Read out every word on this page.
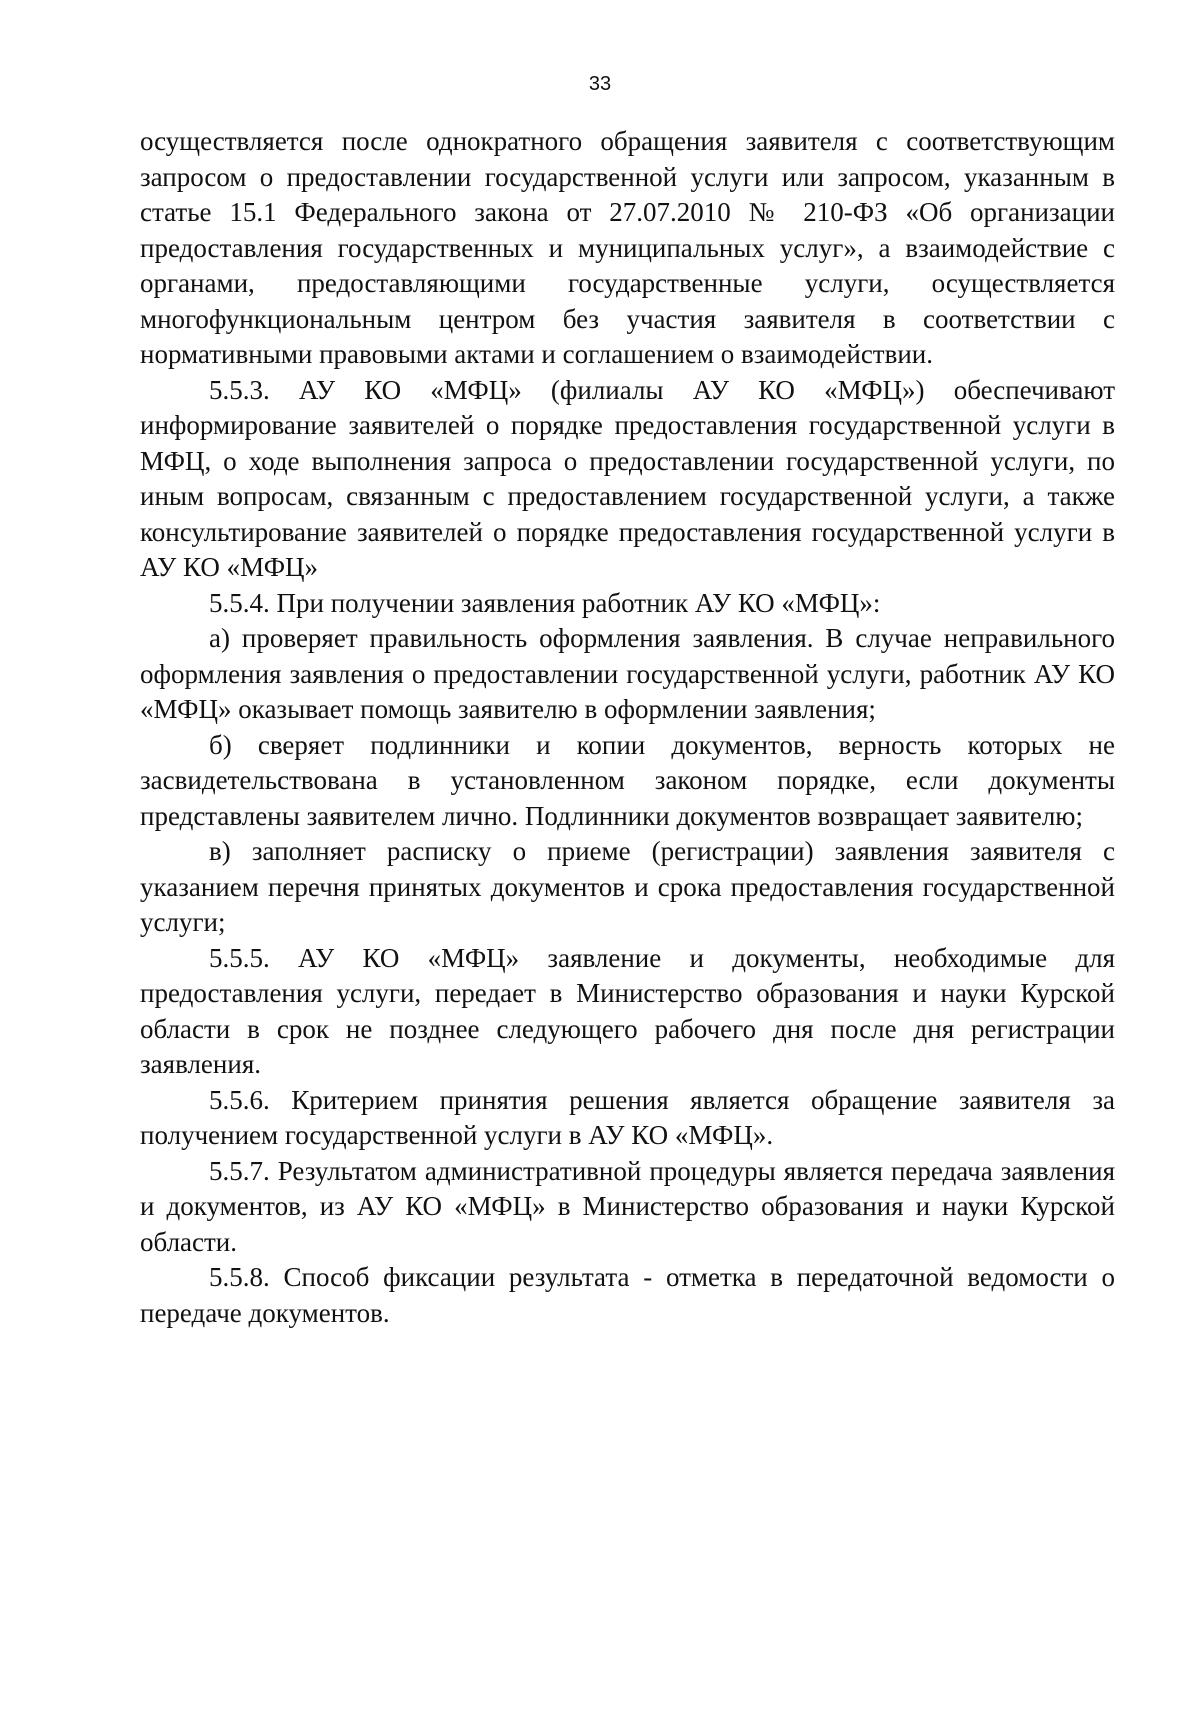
33

осуществляется после однократного обращения заявителя с соответствующим запросом о предоставлении государственной услуги или запросом, указанным в статье 15.1 Федерального закона от 27.07.2010 № 210-ФЗ «Об организации предоставления государственных и муниципальных услуг», а взаимодействие с органами, предоставляющими государственные услуги, осуществляется многофункциональным центром без участия заявителя в соответствии с нормативными правовыми актами и соглашением о взаимодействии.

5.5.3. АУ КО «МФЦ» (филиалы АУ КО «МФЦ») обеспечивают информирование заявителей о порядке предоставления государственной услуги в МФЦ, о ходе выполнения запроса о предоставлении государственной услуги, по иным вопросам, связанным с предоставлением государственной услуги, а также консультирование заявителей о порядке предоставления государственной услуги в АУ КО «МФЦ»

5.5.4. При получении заявления работник АУ КО «МФЦ»:

а) проверяет правильность оформления заявления. В случае неправильного оформления заявления о предоставлении государственной услуги, работник АУ КО «МФЦ» оказывает помощь заявителю в оформлении заявления;

б) сверяет подлинники и копии документов, верность которых не засвидетельствована в установленном законом порядке, если документы представлены заявителем лично. Подлинники документов возвращает заявителю;

в) заполняет расписку о приеме (регистрации) заявления заявителя с указанием перечня принятых документов и срока предоставления государственной услуги;

5.5.5. АУ КО «МФЦ» заявление и документы, необходимые для предоставления услуги, передает в Министерство образования и науки Курской области в срок не позднее следующего рабочего дня после дня регистрации заявления.

5.5.6. Критерием принятия решения является обращение заявителя за получением государственной услуги в АУ КО «МФЦ».

5.5.7. Результатом административной процедуры является передача заявления и документов, из АУ КО «МФЦ» в Министерство образования и науки Курской области.

5.5.8. Способ фиксации результата - отметка в передаточной ведомости о передаче документов.
